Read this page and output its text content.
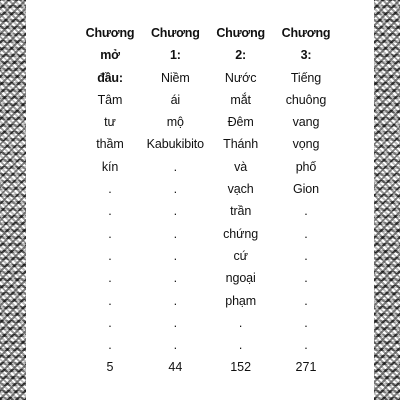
Chương
mở
đầu:
Tâm
tư
thầm
kín
.
.
.
.
.
.
.
.
5
Chương
1:
Niềm
ái
mộ
Kabukibito
.
.
.
.
.
.
.
.
.
44
Chương
2:
Nước
mắt
Đêm
Thánh
và
vạch
trần
chứng
cứ
ngoại
phạm
.
.
152
Chương
3:
Tiếng
chuông
vang
vọng
phố
Gion
.
.
.
.
.
.
.
271
